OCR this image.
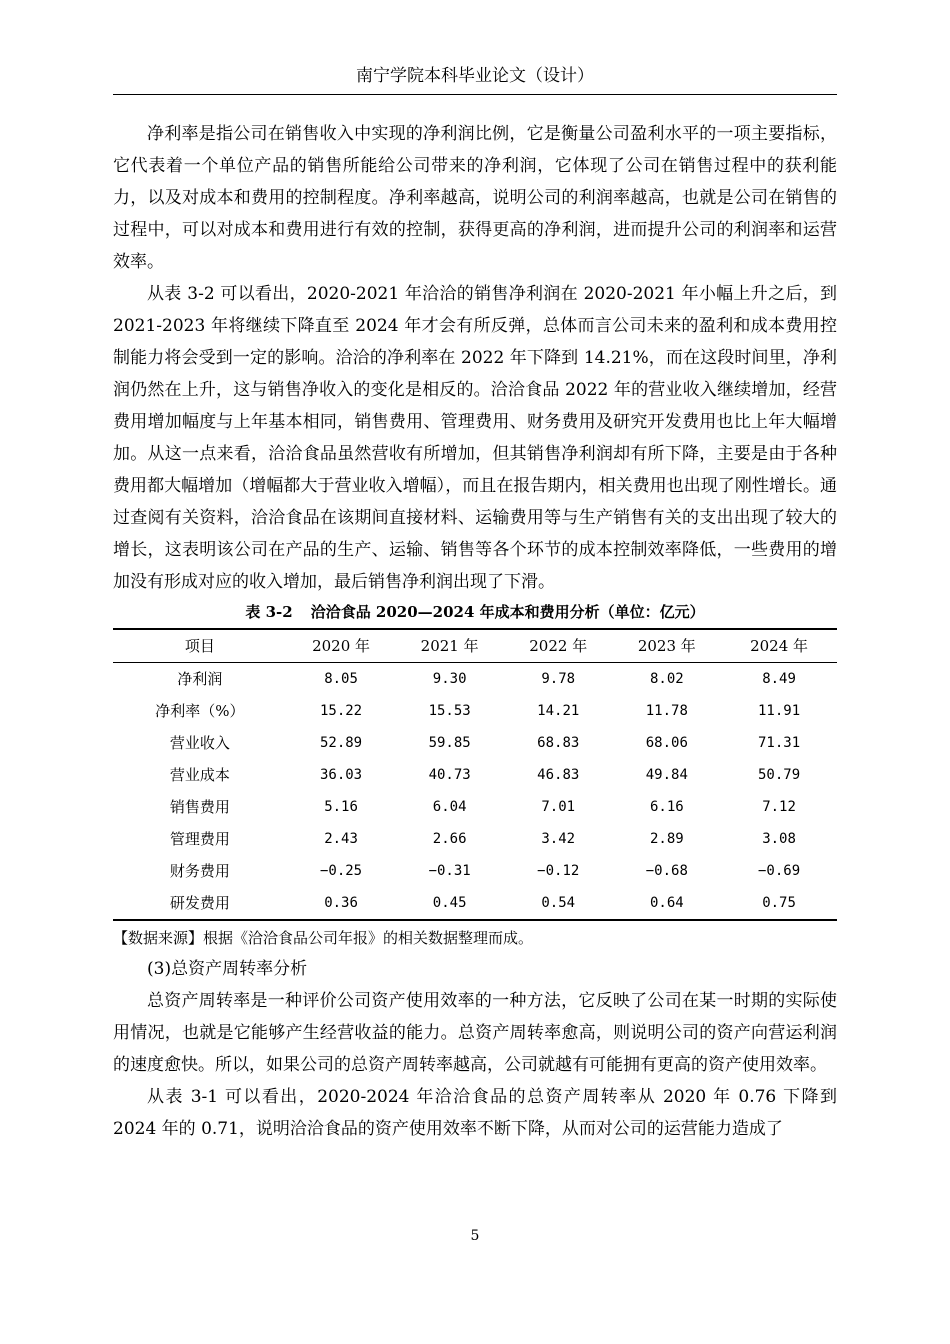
南宁学院本科毕业论文（设计）

净利率是指公司在销售收入中实现的净利润比例，它是衡量公司盈利水平的一项主要指标，它代表着一个单位产品的销售所能给公司带来的净利润，它体现了公司在销售过程中的获利能力，以及对成本和费用的控制程度。净利率越高，说明公司的利润率越高，也就是公司在销售的过程中，可以对成本和费用进行有效的控制，获得更高的净利润，进而提升公司的利润率和运营效率。

从表 3-2 可以看出，2020-2021 年洽洽的销售净利润在 2020-2021 年小幅上升之后，到 2021-2023 年将继续下降直至 2024 年才会有所反弹，总体而言公司未来的盈利和成本费用控制能力将会受到一定的影响。洽洽的净利率在 2022 年下降到 14.21%，而在这段时间里，净利润仍然在上升，这与销售净收入的变化是相反的。洽洽食品 2022 年的营业收入继续增加，经营费用增加幅度与上年基本相同，销售费用、管理费用、财务费用及研究开发费用也比上年大幅增加。从这一点来看，洽洽食品虽然营收有所增加，但其销售净利润却有所下降，主要是由于各种费用都大幅增加（增幅都大于营业收入增幅），而且在报告期内，相关费用也出现了刚性增长。通过查阅有关资料，洽洽食品在该期间直接材料、运输费用等与生产销售有关的支出出现了较大的增长，这表明该公司在产品的生产、运输、销售等各个环节的成本控制效率降低，一些费用的增加没有形成对应的收入增加，最后销售净利润出现了下滑。

表 3-2 洽洽食品 2020—2024 年成本和费用分析（单位：亿元）
项目	2020 年	2021 年	2022 年	2023 年	2024 年
净利润	8.05	9.30	9.78	8.02	8.49
净利率（%）	15.22	15.53	14.21	11.78	11.91
营业收入	52.89	59.85	68.83	68.06	71.31
营业成本	36.03	40.73	46.83	49.84	50.79
销售费用	5.16	6.04	7.01	6.16	7.12
管理费用	2.43	2.66	3.42	2.89	3.08
财务费用	−0.25	−0.31	−0.12	−0.68	−0.69
研发费用	0.36	0.45	0.54	0.64	0.75

【数据来源】根据《洽洽食品公司年报》的相关数据整理而成。

(3)总资产周转率分析

总资产周转率是一种评价公司资产使用效率的一种方法，它反映了公司在某一时期的实际使用情况，也就是它能够产生经营收益的能力。总资产周转率愈高，则说明公司的资产向营运利润的速度愈快。所以，如果公司的总资产周转率越高，公司就越有可能拥有更高的资产使用效率。

从表 3-1 可以看出，2020-2024 年洽洽食品的总资产周转率从 2020 年 0.76 下降到 2024 年的 0.71，说明洽洽食品的资产使用效率不断下降，从而对公司的运营能力造成了

5
